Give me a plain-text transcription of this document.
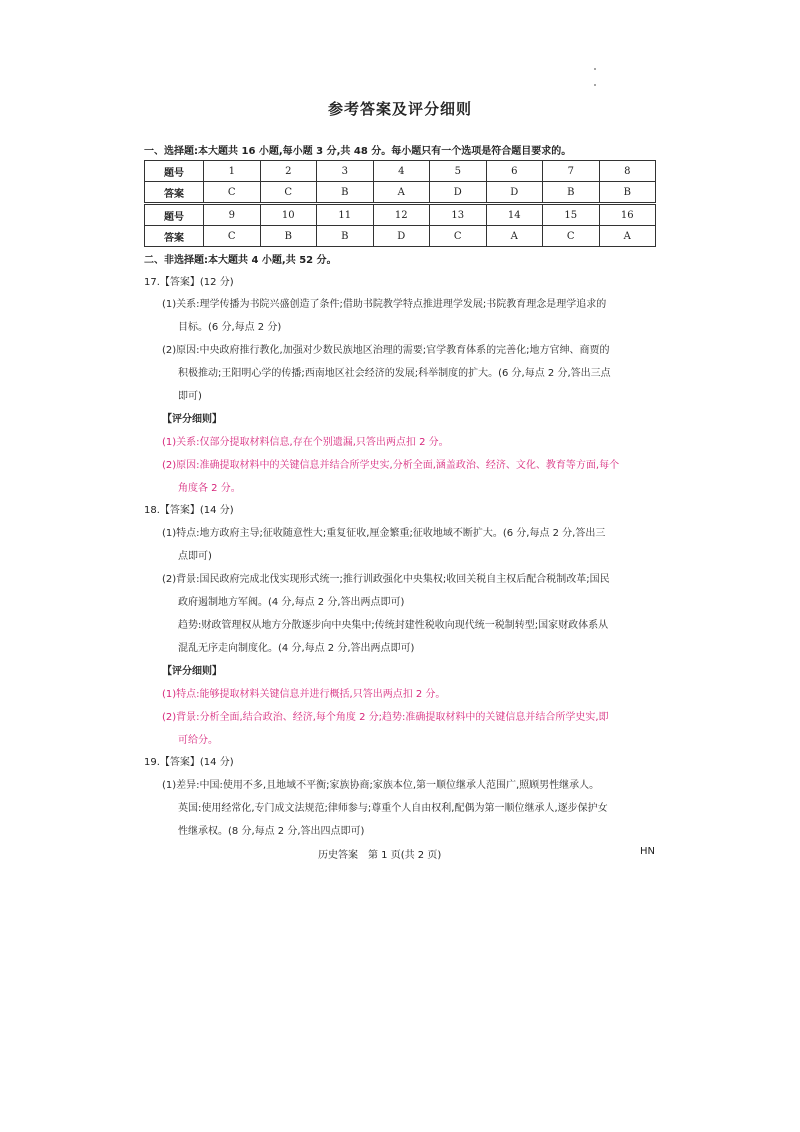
参考答案及评分细则
一、选择题:本大题共 16 小题,每小题 3 分,共 48 分。每小题只有一个选项是符合题目要求的。
题号	1	2	3	4	5	6	7	8
答案	C	C	B	A	D	D	B	B
题号	9	10	11	12	13	14	15	16
答案	C	B	B	D	C	A	C	A
二、非选择题:本大题共 4 小题,共 52 分。
17.【答案】(12 分)
(1)关系:理学传播为书院兴盛创造了条件;借助书院教学特点推进理学发展;书院教育理念是理学追求的
目标。(6 分,每点 2 分)
(2)原因:中央政府推行教化,加强对少数民族地区治理的需要;官学教育体系的完善化;地方官绅、商贾的
积极推动;王阳明心学的传播;西南地区社会经济的发展;科举制度的扩大。(6 分,每点 2 分,答出三点
即可)
【评分细则】
(1)关系:仅部分提取材料信息,存在个别遗漏,只答出两点扣 2 分。
(2)原因:准确提取材料中的关键信息并结合所学史实,分析全面,涵盖政治、经济、文化、教育等方面,每个
角度各 2 分。
18.【答案】(14 分)
(1)特点:地方政府主导;征收随意性大;重复征收,厘金繁重;征收地域不断扩大。(6 分,每点 2 分,答出三
点即可)
(2)背景:国民政府完成北伐实现形式统一;推行训政强化中央集权;收回关税自主权后配合税制改革;国民
政府遏制地方军阀。(4 分,每点 2 分,答出两点即可)
趋势:财政管理权从地方分散逐步向中央集中;传统封建性税收向现代统一税制转型;国家财政体系从
混乱无序走向制度化。(4 分,每点 2 分,答出两点即可)
【评分细则】
(1)特点:能够提取材料关键信息并进行概括,只答出两点扣 2 分。
(2)背景:分析全面,结合政治、经济,每个角度 2 分;趋势:准确提取材料中的关键信息并结合所学史实,即
可给分。
19.【答案】(14 分)
(1)差异:中国:使用不多,且地域不平衡;家族协商;家族本位,第一顺位继承人范围广,照顾男性继承人。
英国:使用经常化,专门成文法规范;律师参与;尊重个人自由权利,配偶为第一顺位继承人,逐步保护女
性继承权。(8 分,每点 2 分,答出四点即可)
历史答案　第 1 页(共 2 页)	HN
